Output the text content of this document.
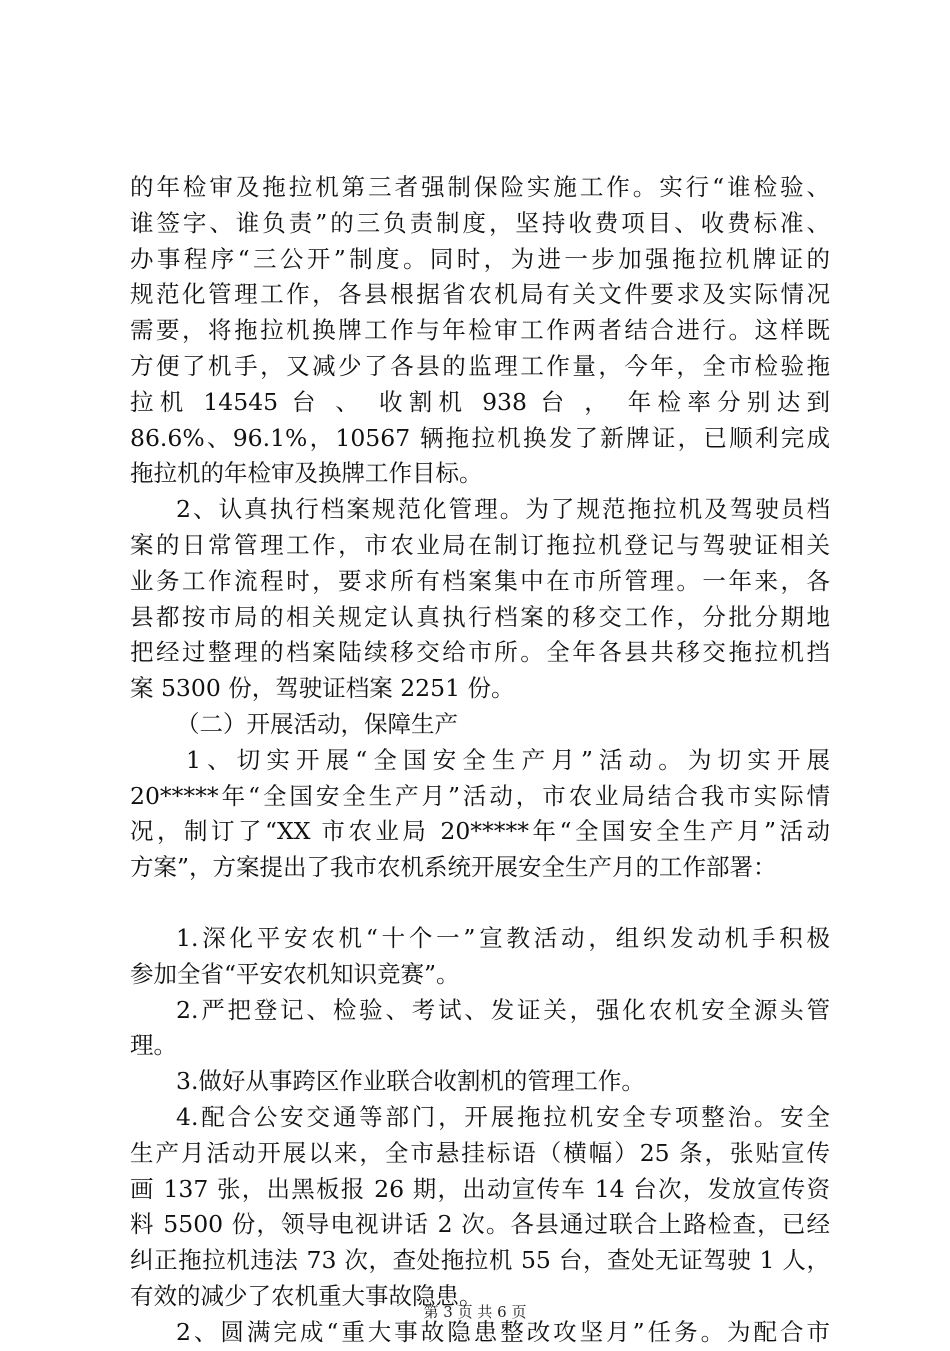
的年检审及拖拉机第三者强制保险实施工作。实行“谁检验、
谁签字、谁负责”的三负责制度，坚持收费项目、收费标准、
办事程序“三公开”制度。同时，为进一步加强拖拉机牌证的
规范化管理工作，各县根据省农机局有关文件要求及实际情况
需要，将拖拉机换牌工作与年检审工作两者结合进行。这样既
方便了机手，又减少了各县的监理工作量，今年，全市检验拖
拉机 14545 台 、 收割机 938 台 ， 年检率分别达到
86.6%、96.1%，10567 辆拖拉机换发了新牌证，已顺利完成
拖拉机的年检审及换牌工作目标。
2、认真执行档案规范化管理。为了规范拖拉机及驾驶员档
案的日常管理工作，市农业局在制订拖拉机登记与驾驶证相关
业务工作流程时，要求所有档案集中在市所管理。一年来，各
县都按市局的相关规定认真执行档案的移交工作，分批分期地
把经过整理的档案陆续移交给市所。全年各县共移交拖拉机挡
案 5300 份，驾驶证档案 2251 份。
（二）开展活动，保障生产
1、切实开展“全国安全生产月”活动。为切实开展
20*****年“全国安全生产月”活动，市农业局结合我市实际情
况，制订了“XX 市农业局 20*****年“全国安全生产月”活动
方案”，方案提出了我市农机系统开展安全生产月的工作部署：
1.深化平安农机“十个一”宣教活动，组织发动机手积极
参加全省“平安农机知识竞赛”。
2.严把登记、检验、考试、发证关，强化农机安全源头管
理。
3.做好从事跨区作业联合收割机的管理工作。
4.配合公安交通等部门，开展拖拉机安全专项整治。安全
生产月活动开展以来，全市悬挂标语（横幅）25 条，张贴宣传
画 137 张，出黑板报 26 期，出动宣传车 14 台次，发放宣传资
料 5500 份，领导电视讲话 2 次。各县通过联合上路检查，已经
纠正拖拉机违法 73 次，查处拖拉机 55 台，查处无证驾驶 1 人，
有效的减少了农机重大事故隐患。
2、圆满完成“重大事故隐患整改攻坚月”任务。为配合市
第 3 页 共 6 页
